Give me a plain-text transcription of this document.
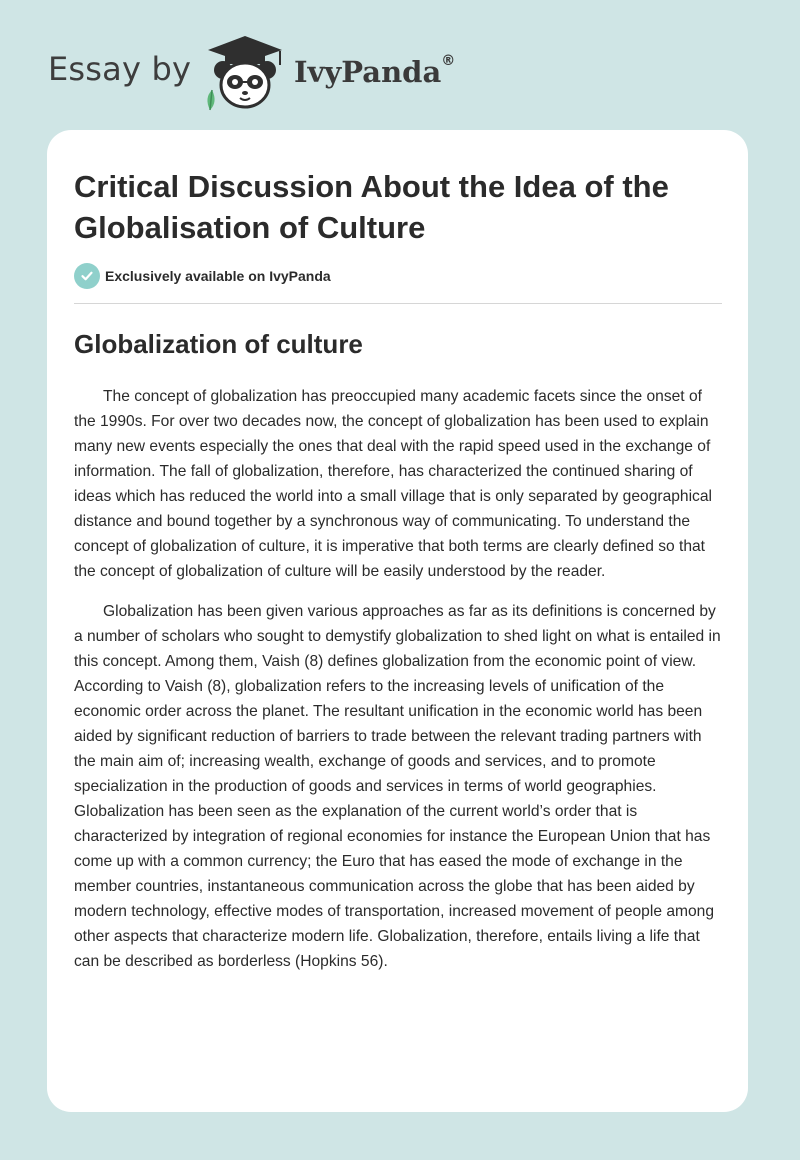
Essay by	IvyPanda®
Critical Discussion About the Idea of the Globalisation of Culture
Exclusively available on IvyPanda
Globalization of culture

The concept of globalization has preoccupied many academic facets since the onset of the 1990s. For over two decades now, the concept of globalization has been used to explain many new events especially the ones that deal with the rapid speed used in the exchange of information. The fall of globalization, therefore, has characterized the continued sharing of ideas which has reduced the world into a small village that is only separated by geographical distance and bound together by a synchronous way of communicating. To understand the concept of globalization of culture, it is imperative that both terms are clearly defined so that the concept of globalization of culture will be easily understood by the reader.

Globalization has been given various approaches as far as its definitions is concerned by a number of scholars who sought to demystify globalization to shed light on what is entailed in this concept. Among them, Vaish (8) defines globalization from the economic point of view. According to Vaish (8), globalization refers to the increasing levels of unification of the economic order across the planet. The resultant unification in the economic world has been aided by significant reduction of barriers to trade between the relevant trading partners with the main aim of; increasing wealth, exchange of goods and services, and to promote specialization in the production of goods and services in terms of world geographies. Globalization has been seen as the explanation of the current world’s order that is characterized by integration of regional economies for instance the European Union that has come up with a common currency; the Euro that has eased the mode of exchange in the member countries, instantaneous communication across the globe that has been aided by modern technology, effective modes of transportation, increased movement of people among other aspects that characterize modern life. Globalization, therefore, entails living a life that can be described as borderless (Hopkins 56).
